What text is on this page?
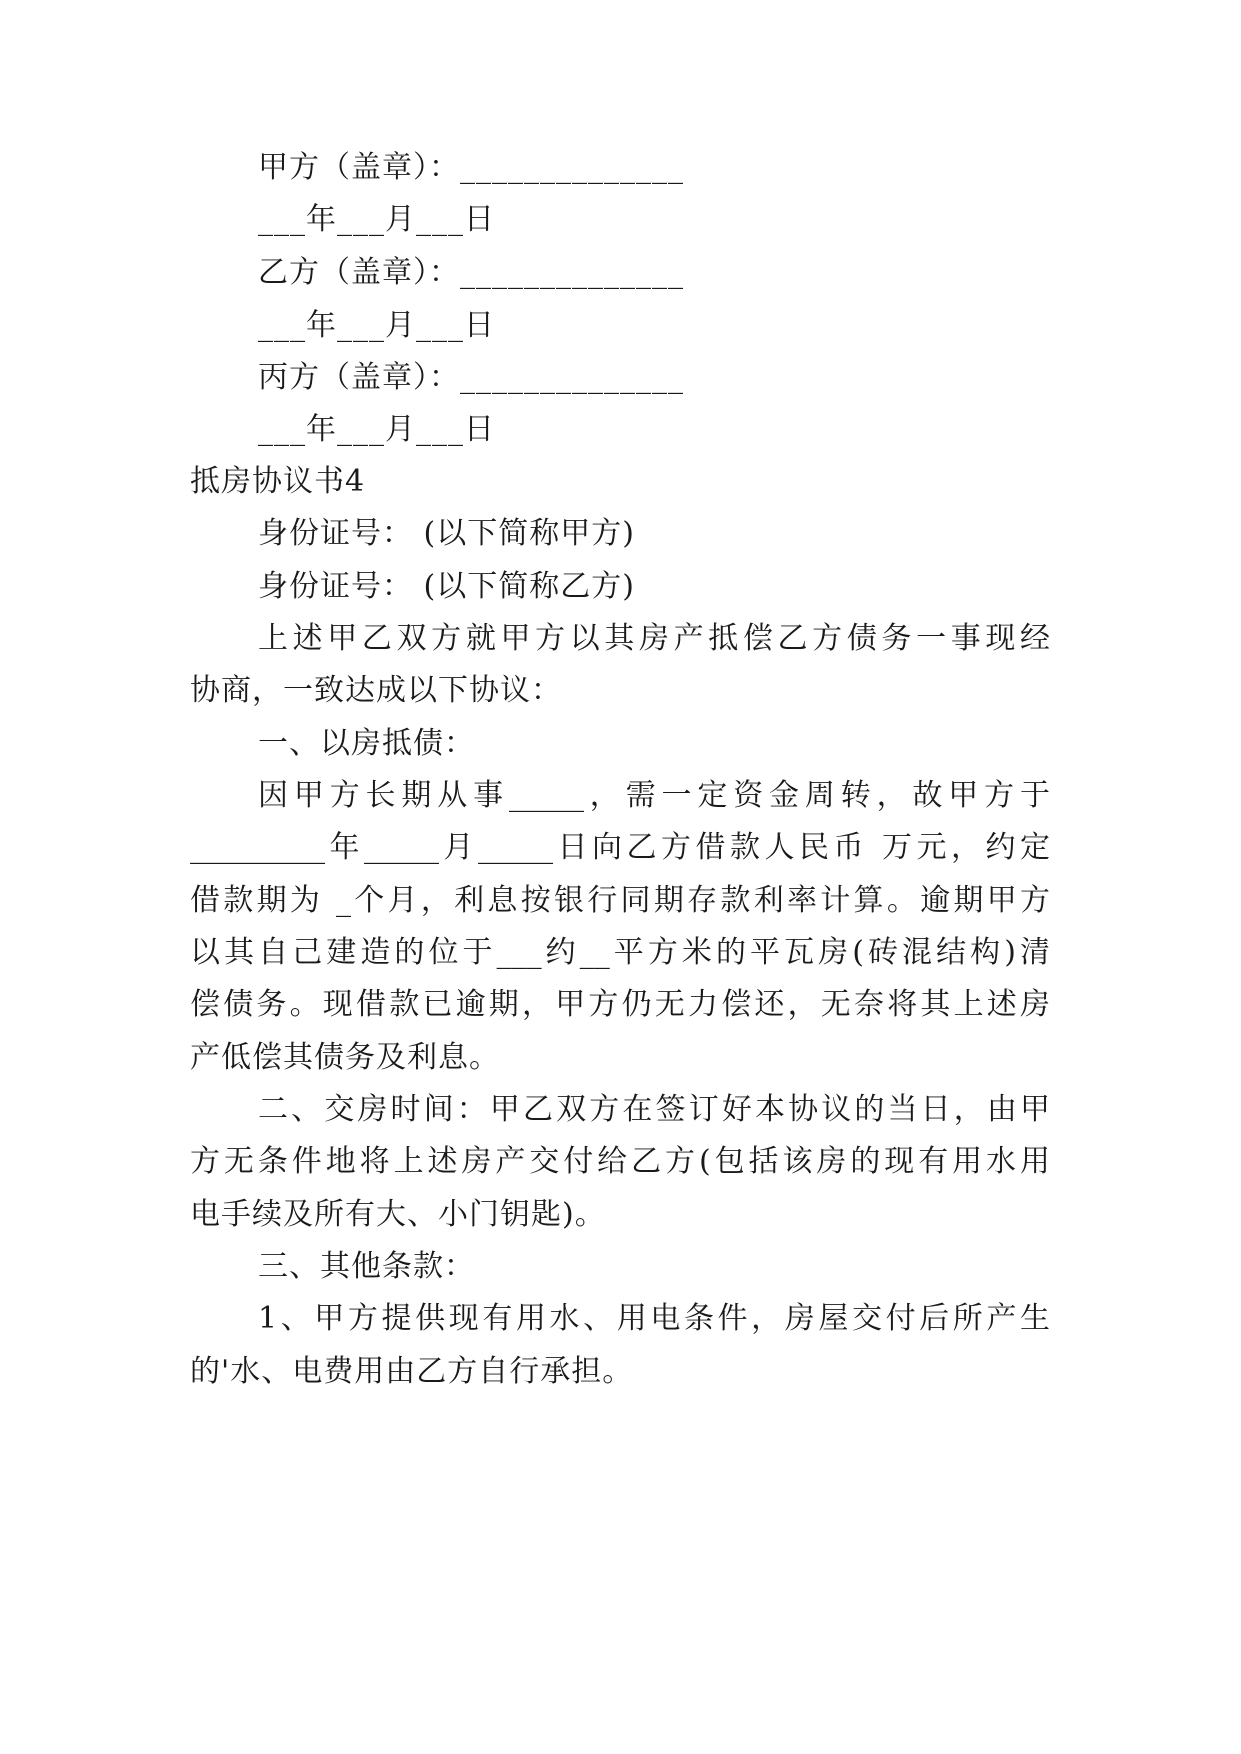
甲方（盖章）：______________
___年___月___日
乙方（盖章）：______________
___年___月___日
丙方（盖章）：______________
___年___月___日
抵房协议书4
身份证号： (以下简称甲方)
身份证号： (以下简称乙方)
上述甲乙双方就甲方以其房产抵偿乙方债务一事现经
协商，一致达成以下协议：
一、以房抵债：
因甲方长期从事_____，需一定资金周转，故甲方于
_________年_____月_____日向乙方借款人民币 万元，约定
借款期为 _个月，利息按银行同期存款利率计算。逾期甲方
以其自己建造的位于___约__平方米的平瓦房(砖混结构)清
偿债务。现借款已逾期，甲方仍无力偿还，无奈将其上述房
产低偿其债务及利息。
二、交房时间：甲乙双方在签订好本协议的当日，由甲
方无条件地将上述房产交付给乙方(包括该房的现有用水用
电手续及所有大、小门钥匙)。
三、其他条款：
1、甲方提供现有用水、用电条件，房屋交付后所产生
的'水、电费用由乙方自行承担。
